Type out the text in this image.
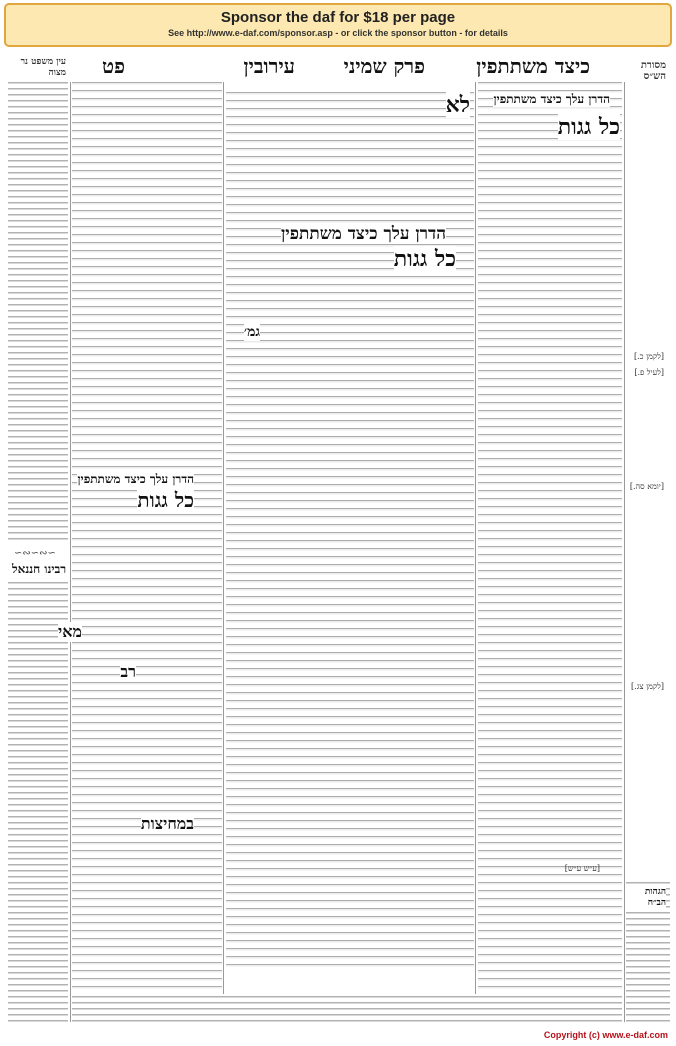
Sponsor the daf for $18 per page
See http://www.e-daf.com/sponsor.asp - or click the sponsor button - for details
כיצד משתתפין
פרק שמיני
עירובין
פט	מסורת הש״ס
עין משפט נר מצוה
הדרן עלך כיצד משתתפין
כל גגות
לא
הדרן עלך כיצד משתתפין
כל גגות
גמ׳
הדרן עלך כיצד משתתפין
כל גגות
מאי
רב
במחיצות
∽∾∽∾∽
רבינו חננאל
הגהות הב״ח
[לקמן כ.]
[לעיל פ.]
[לקמן צג.]
[יומא סה.]
[ע״ש ע״ש]
Copyright (c) www.e-daf.com
